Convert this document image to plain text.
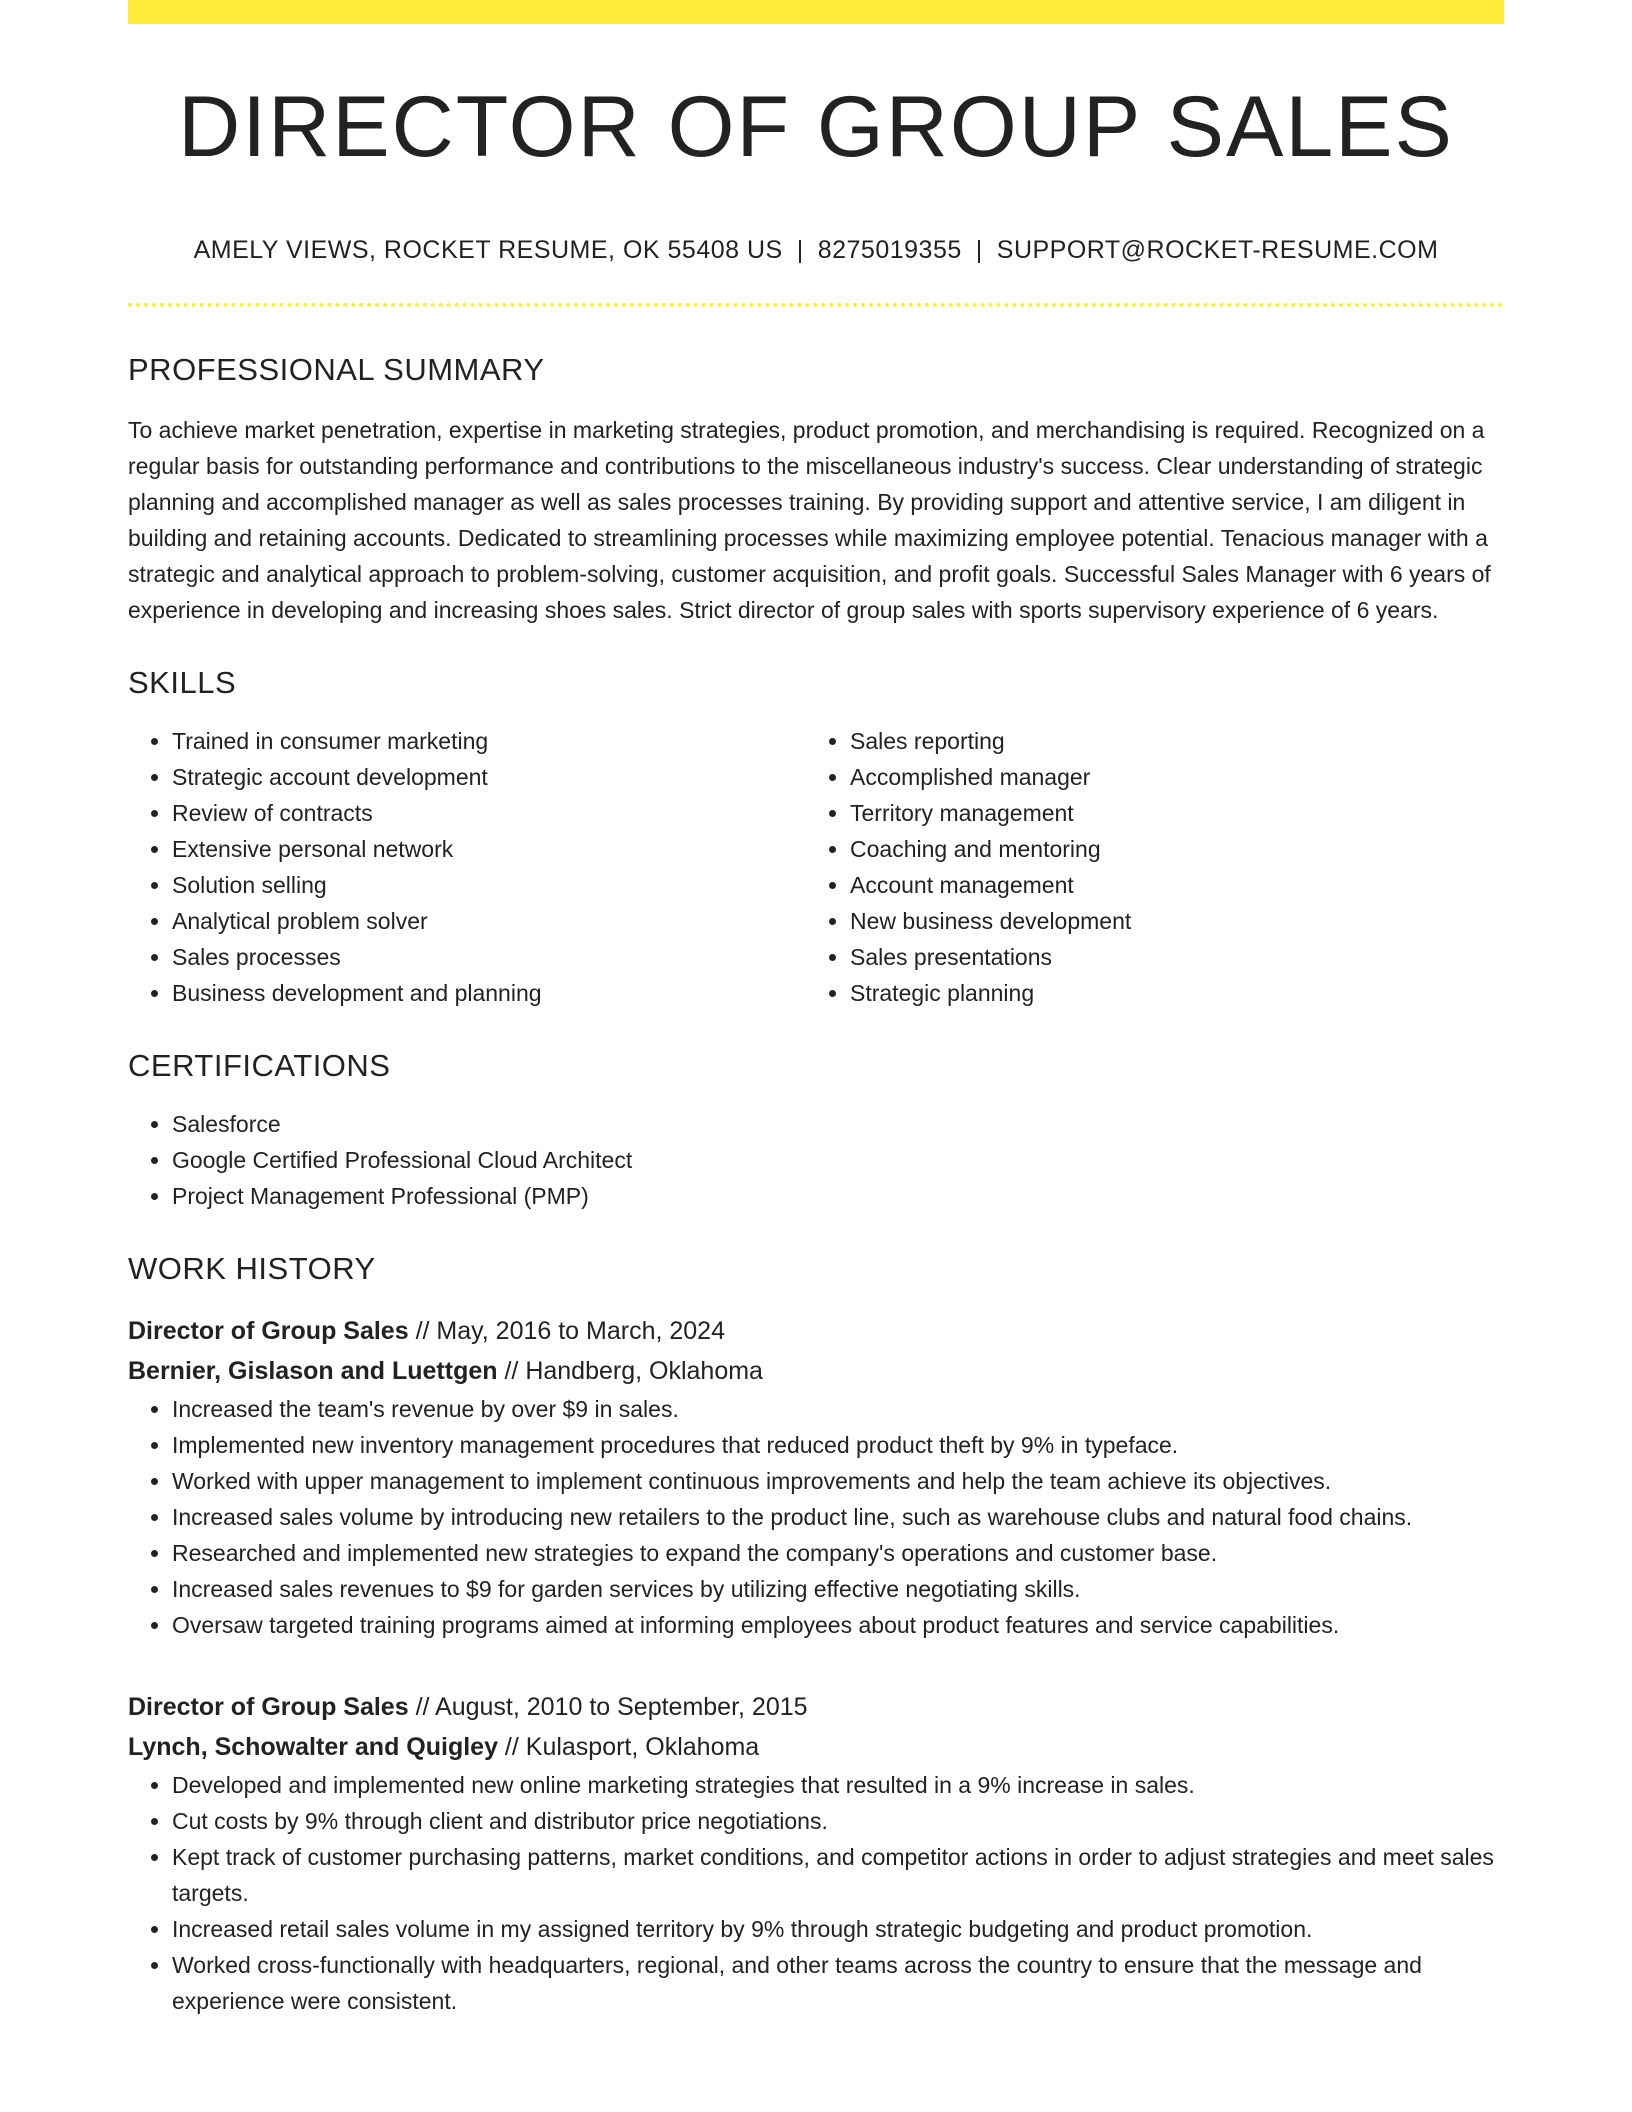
DIRECTOR OF GROUP SALES
AMELY VIEWS, ROCKET RESUME, OK 55408 US | 8275019355 | SUPPORT@ROCKET-RESUME.COM
PROFESSIONAL SUMMARY
To achieve market penetration, expertise in marketing strategies, product promotion, and merchandising is required. Recognized on a regular basis for outstanding performance and contributions to the miscellaneous industry's success. Clear understanding of strategic planning and accomplished manager as well as sales processes training. By providing support and attentive service, I am diligent in building and retaining accounts. Dedicated to streamlining processes while maximizing employee potential. Tenacious manager with a strategic and analytical approach to problem-solving, customer acquisition, and profit goals. Successful Sales Manager with 6 years of experience in developing and increasing shoes sales. Strict director of group sales with sports supervisory experience of 6 years.
SKILLS
• Trained in consumer marketing
• Strategic account development
• Review of contracts
• Extensive personal network
• Solution selling
• Analytical problem solver
• Sales processes
• Business development and planning
• Sales reporting
• Accomplished manager
• Territory management
• Coaching and mentoring
• Account management
• New business development
• Sales presentations
• Strategic planning
CERTIFICATIONS
• Salesforce
• Google Certified Professional Cloud Architect
• Project Management Professional (PMP)
WORK HISTORY
Director of Group Sales // May, 2016 to March, 2024
Bernier, Gislason and Luettgen // Handberg, Oklahoma
• Increased the team's revenue by over $9 in sales.
• Implemented new inventory management procedures that reduced product theft by 9% in typeface.
• Worked with upper management to implement continuous improvements and help the team achieve its objectives.
• Increased sales volume by introducing new retailers to the product line, such as warehouse clubs and natural food chains.
• Researched and implemented new strategies to expand the company's operations and customer base.
• Increased sales revenues to $9 for garden services by utilizing effective negotiating skills.
• Oversaw targeted training programs aimed at informing employees about product features and service capabilities.
Director of Group Sales // August, 2010 to September, 2015
Lynch, Schowalter and Quigley // Kulasport, Oklahoma
• Developed and implemented new online marketing strategies that resulted in a 9% increase in sales.
• Cut costs by 9% through client and distributor price negotiations.
• Kept track of customer purchasing patterns, market conditions, and competitor actions in order to adjust strategies and meet sales targets.
• Increased retail sales volume in my assigned territory by 9% through strategic budgeting and product promotion.
• Worked cross-functionally with headquarters, regional, and other teams across the country to ensure that the message and experience were consistent.
